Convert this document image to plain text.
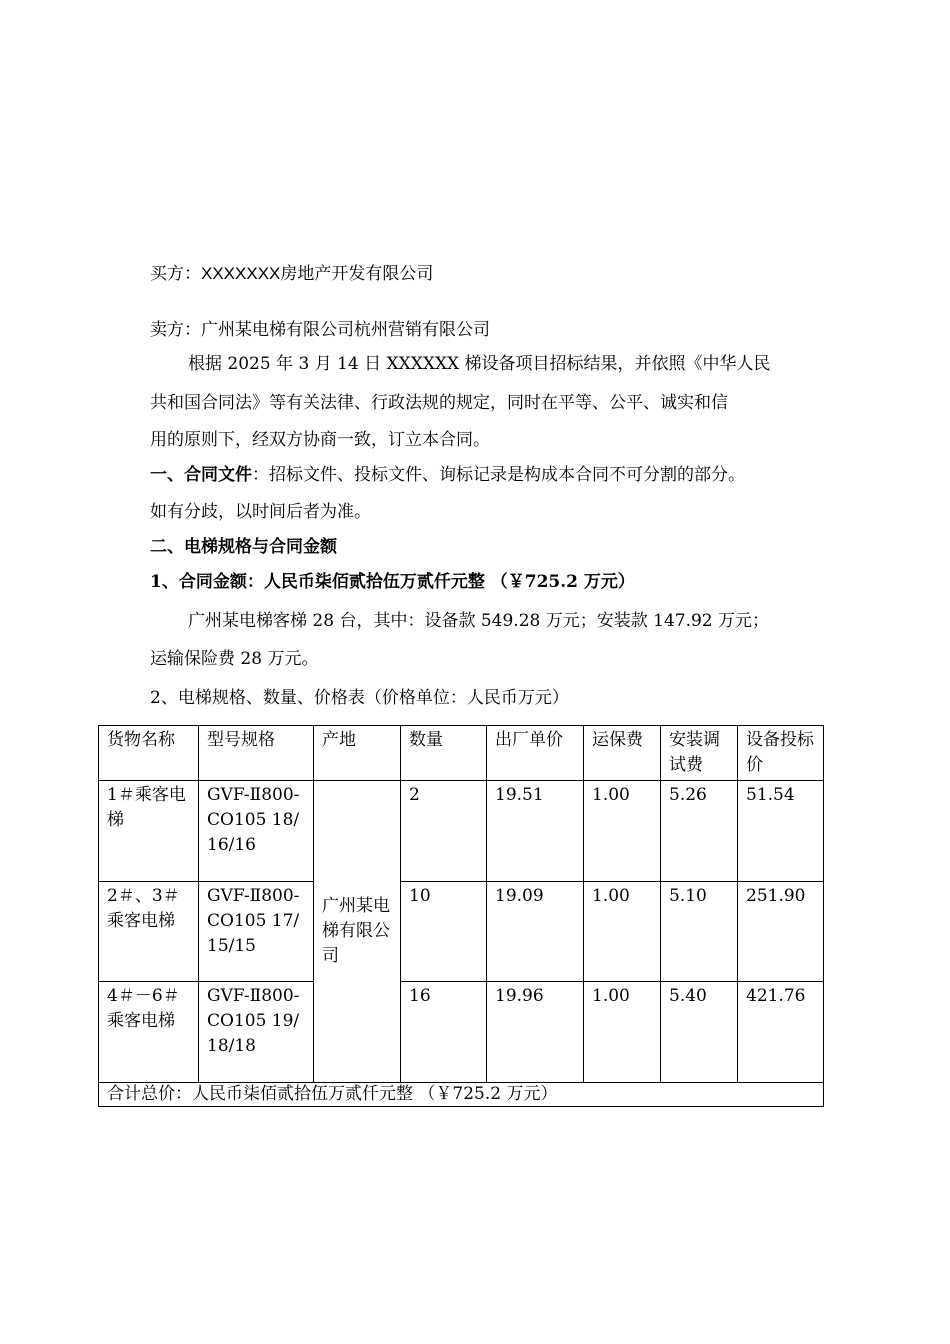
买方：XXXXXXX房地产开发有限公司
卖方：广州某电梯有限公司杭州营销有限公司
根据 2025 年 3 月 14 日 XXXXXX 梯设备项目招标结果，并依照《中华人民
共和国合同法》等有关法律、行政法规的规定，同时在平等、公平、诚实和信
用的原则下，经双方协商一致，订立本合同。
一、合同文件：招标文件、投标文件、询标记录是构成本合同不可分割的部分。
如有分歧，以时间后者为准。
二、电梯规格与合同金额
1、合同金额：人民币柒佰贰拾伍万贰仟元整 （￥725.2 万元）
广州某电梯客梯 28 台，其中：设备款 549.28 万元；安装款 147.92 万元；
运输保险费 28 万元。
2、电梯规格、数量、价格表（价格单位：人民币万元）
货物名称	型号规格	产地	数量	出厂单价	运保费	安装调试费	设备投标价
1＃乘客电梯	GVF-Ⅱ800-CO105 18/16/16	广州某电梯有限公司	2	19.51	1.00	5.26	51.54
2＃、3＃乘客电梯	GVF-Ⅱ800-CO105 17/15/15		10	19.09	1.00	5.10	251.90
4＃－6＃乘客电梯	GVF-Ⅱ800-CO105 19/18/18		16	19.96	1.00	5.40	421.76
合计总价：人民币柒佰贰拾伍万贰仟元整 （￥725.2 万元）							
